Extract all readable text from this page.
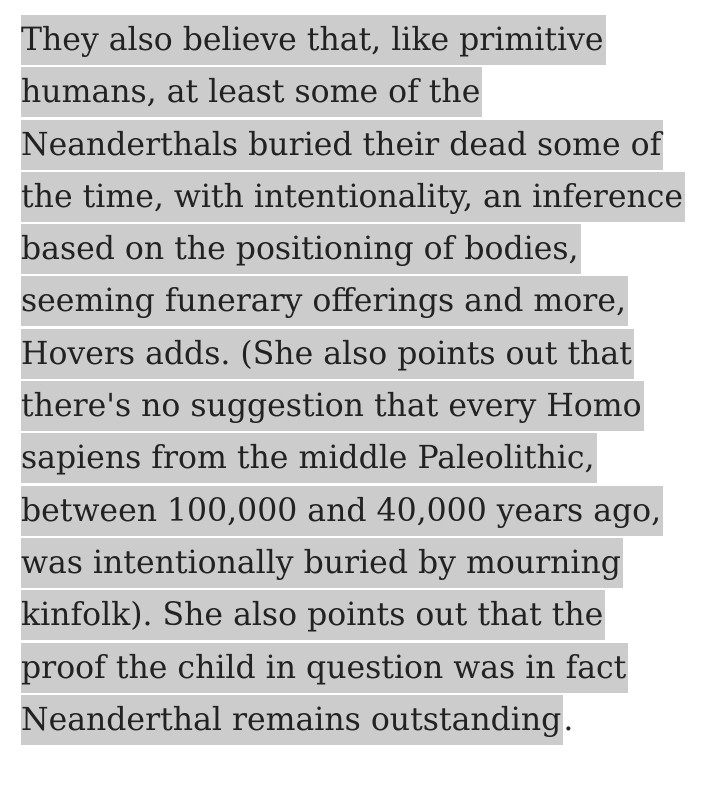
They also believe that, like primitive
humans, at least some of the
Neanderthals buried their dead some of
the time, with intentionality, an inference
based on the positioning of bodies,
seeming funerary offerings and more,
Hovers adds. (She also points out that
there's no suggestion that every Homo
sapiens from the middle Paleolithic,
between 100,000 and 40,000 years ago,
was intentionally buried by mourning
kinfolk). She also points out that the
proof the child in question was in fact
Neanderthal remains outstanding.
